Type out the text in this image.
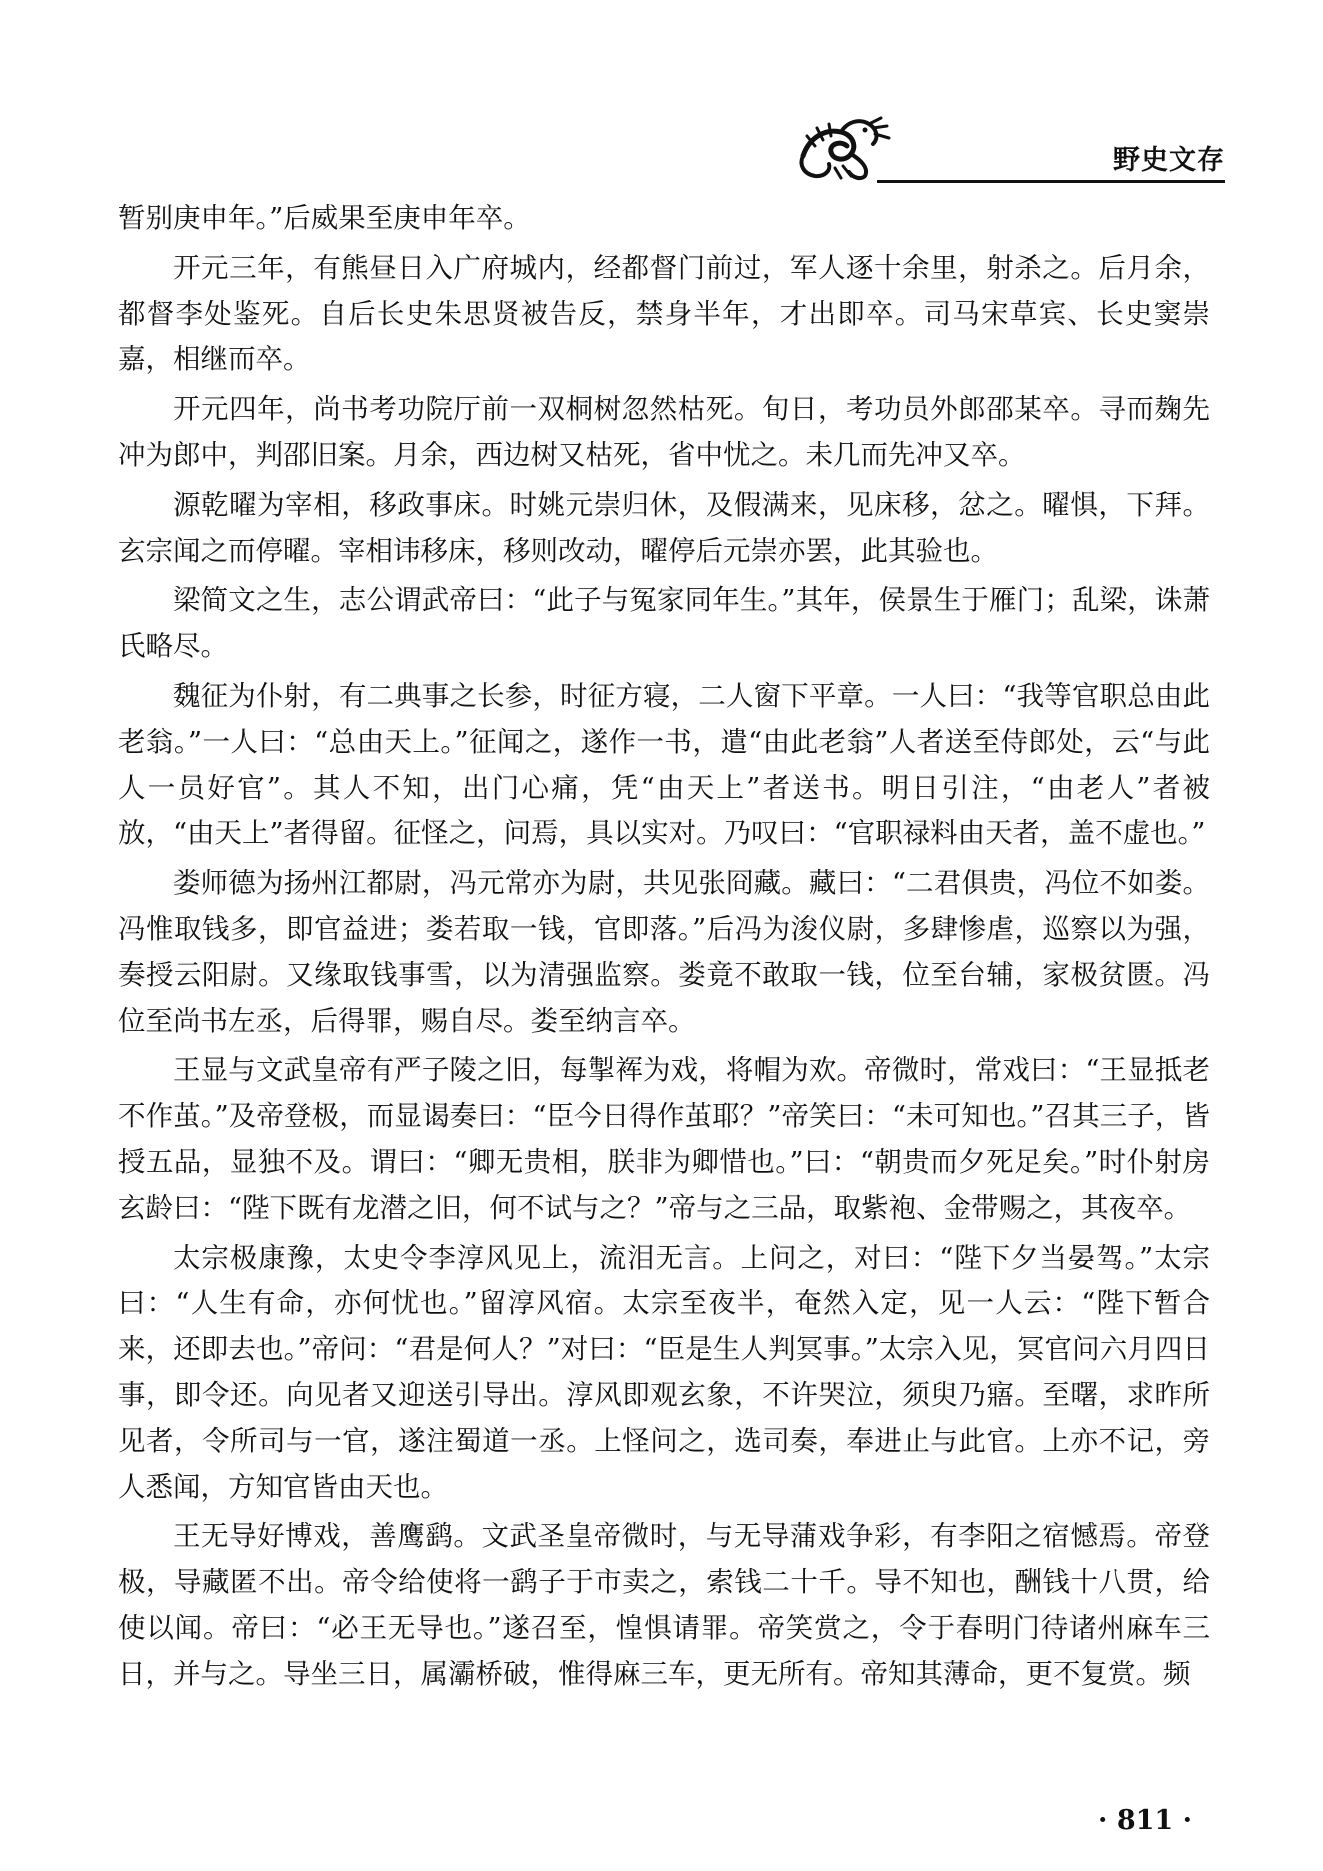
野史文存

暂别庚申年。”后威果至庚申年卒。

开元三年，有熊昼日入广府城内，经都督门前过，军人逐十余里，射杀之。后月余，都督李处鉴死。自后长史朱思贤被告反，禁身半年，才出即卒。司马宋草宾、长史窦崇嘉，相继而卒。

开元四年，尚书考功院厅前一双桐树忽然枯死。旬日，考功员外郎邵某卒。寻而麹先冲为郎中，判邵旧案。月余，西边树又枯死，省中忧之。未几而先冲又卒。

源乾曜为宰相，移政事床。时姚元崇归休，及假满来，见床移，忿之。曜惧，下拜。玄宗闻之而停曜。宰相讳移床，移则改动，曜停后元崇亦罢，此其验也。

梁简文之生，志公谓武帝曰：“此子与冤家同年生。”其年，侯景生于雁门；乱梁，诛萧氏略尽。

魏征为仆射，有二典事之长参，时征方寝，二人窗下平章。一人曰：“我等官职总由此老翁。”一人曰：“总由天上。”征闻之，遂作一书，遣“由此老翁”人者送至侍郎处，云“与此人一员好官”。其人不知，出门心痛，凭“由天上”者送书。明日引注，“由老人”者被放，“由天上”者得留。征怪之，问焉，具以实对。乃叹曰：“官职禄料由天者，盖不虚也。”

娄师德为扬州江都尉，冯元常亦为尉，共见张冏藏。藏曰：“二君俱贵，冯位不如娄。冯惟取钱多，即官益进；娄若取一钱，官即落。”后冯为浚仪尉，多肆惨虐，巡察以为强，奏授云阳尉。又缘取钱事雪，以为清强监察。娄竟不敢取一钱，位至台辅，家极贫匮。冯位至尚书左丞，后得罪，赐自尽。娄至纳言卒。

王显与文武皇帝有严子陵之旧，每掣裈为戏，将帽为欢。帝微时，常戏曰：“王显抵老不作茧。”及帝登极，而显谒奏曰：“臣今日得作茧耶？”帝笑曰：“未可知也。”召其三子，皆授五品，显独不及。谓曰：“卿无贵相，朕非为卿惜也。”曰：“朝贵而夕死足矣。”时仆射房玄龄曰：“陛下既有龙潜之旧，何不试与之？”帝与之三品，取紫袍、金带赐之，其夜卒。

太宗极康豫，太史令李淳风见上，流泪无言。上问之，对曰：“陛下夕当晏驾。”太宗曰：“人生有命，亦何忧也。”留淳风宿。太宗至夜半，奄然入定，见一人云：“陛下暂合来，还即去也。”帝问：“君是何人？”对曰：“臣是生人判冥事。”太宗入见，冥官问六月四日事，即令还。向见者又迎送引导出。淳风即观玄象，不许哭泣，须臾乃寤。至曙，求昨所见者，令所司与一官，遂注蜀道一丞。上怪问之，选司奏，奉进止与此官。上亦不记，旁人悉闻，方知官皆由天也。

王无导好博戏，善鹰鹞。文武圣皇帝微时，与无导蒲戏争彩，有李阳之宿憾焉。帝登极，导藏匿不出。帝令给使将一鹞子于市卖之，索钱二十千。导不知也，酬钱十八贯，给使以闻。帝曰：“必王无导也。”遂召至，惶惧请罪。帝笑赏之，令于春明门待诸州麻车三日，并与之。导坐三日，属灞桥破，惟得麻三车，更无所有。帝知其薄命，更不复赏。频

· 811 ·
